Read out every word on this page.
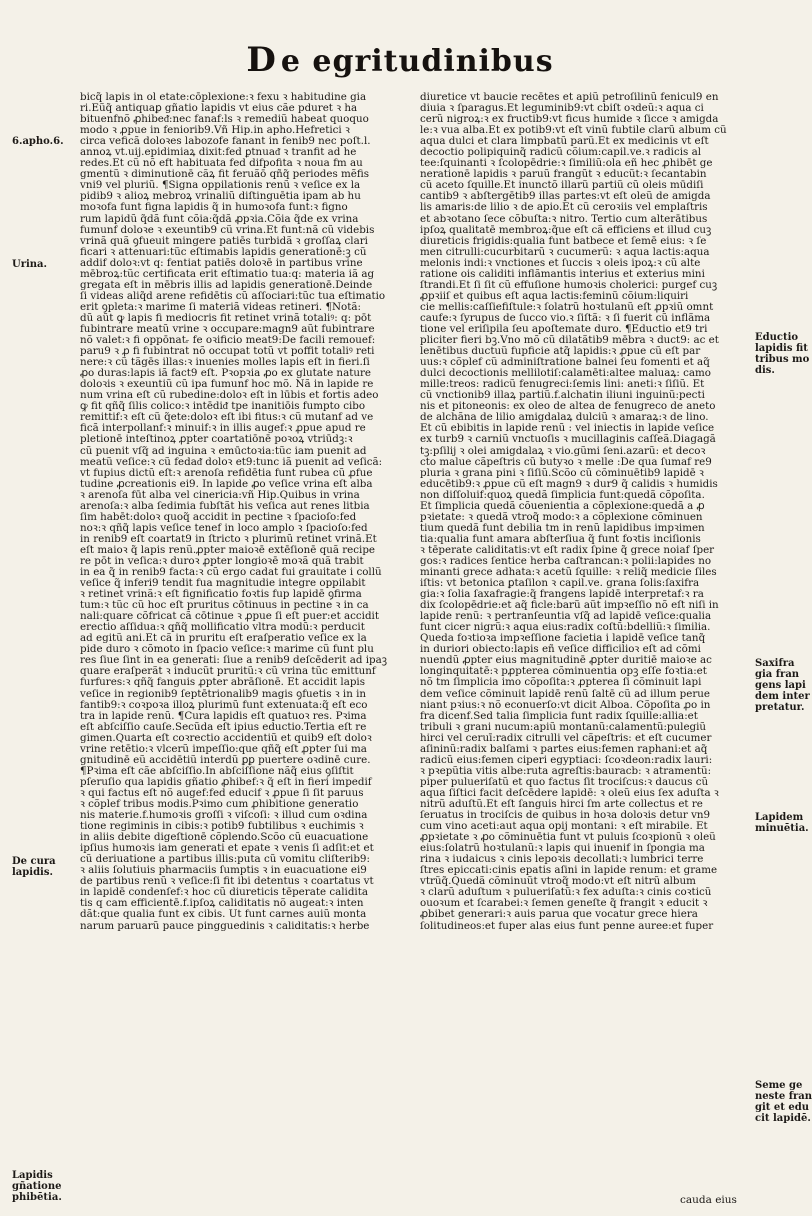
D e egritudinibus
bicq̃ lapis in ol etate:cōplexione:ꝛ fexu ꝛ habitudine gia
ri.Eũq̃ antiquaꝑ gñatio lapidis vt eius cãe pduret ꝛ ha
bituenfnõ ꝓhibeᵭ:nec fanaf:ls ꝛ remediũ habeat quoquo
modo ꝛ ꝓpue in feniorib9.Vñ Hip.in apho.Hefretici ꝛ
circa veficã doloꝛes labozofe fanant in fenib9 nec poſt.l.
annoꝝ vt.uij.epidimiaꝝ dixit:fed ꝑtnuaᵭ ꝛ tranfit ad he
redes.Et cũ nõ eft habituata fed difpofita ꝛ noua fm au
gmentũ ꝛ diminutionē cãꝝ fit feruãō qñq̃ periodes mẽfis
vni9 vel pluriũ. ¶Signa oppilationis renũ ꝛ veſice ex la
pidib9 ꝛ alioꝝ mebroꝝ vrinaliũ diſtinguētia ipam ab hu
moꝛofa funt figna lapidis q̃ in humoꝛofa funt:ꝛ figno
rum lapidũ q̃dã funt cõia:q̃dã ꝓpꝛia.Cõia q̃de ex vrina
fumunf doloꝛe ꝛ exeuntib9 cũ vrina.Et funt:nã cũ videbis
vrinã quã ꝯfueuit mingere patiēs turbidã ꝛ groſſaꝝ clari
ficari ꝛ attenuari:tũc eſtimabis lapidis generationē:ꝫ cũ
addif doloꝛ:vt q: fentiat patiēs doloꝛē in partibus vrine
mēbroꝝ:tũc certificata erit eſtimatio tua:q: materia iã ag
gregata eſt in mēbris illis ad lapidis generationē.Deinde
ſi videas aliq̃d arene refidētis cũ aſſociari:tũc tua eſtimatio
erit ꝯpleta:ꝛ marime ſi materiã videas retineri. ¶Notã:
dũ aũt ꝙ lapis fi mediocris fit retinet vrinã totaliꝰ: q: pōt
fubintrare meatũ vrine ꝛ occupare:magn9 aũt fubintrare
nõ valet:ꝛ fi oppōnatᵣ fe oꝛificio meat9:De facili remouef:
paru9 ꝛ ꝓ fi fubintrat nõ occupat totũ vt poffit totaliꝰ reti
nere:ꝛ cũ tãgēs illas:ꝛ inuenies molles lapis eſt in fieri.ſi
ꝓo duras:lapis iã fact9 eſt. Pꝛopꝛia ꝓo ex glutate nature
doloꝛis ꝛ exeuntiũ cũ ipa fumunf hoc mõ. Nã in lapide re
num vrina eſt cũ rubedine:doloꝛ eſt in lūbis et fortis adeo
ꝙ fit qñq̃ ſilis colico:ꝛ intēdiᵭ tpe inanitiōis fumpto cibo
remittif:ꝛ eſt cũ q̃ete:doloꝛ eſt ibi fitus:ꝛ cũ mutanf ad ve
ficã interpollanf:ꝛ minuif:ꝛ in illis augef:ꝛ ꝓpue apud re
pletionē inteſtinoꝝ ꝓpter coartatiōnē poꝛoꝝ vtriūdꝫ:ꝛ
cũ puenit vſq̃ ad inguina ꝛ emūctoꝛia:tũc iam puenit ad
meatũ veſice:ꝛ cũ fedaᵭ doloꝛ et9:tunc iã puenit ad veſicã:
vt fupius dictũ eſt:ꝛ arenoſa refidētia funt rubea cũ ꝓfue
tudine ꝓcreationis ei9. In lapide ꝓo veſice vrina eſt alba
ꝛ arenoſa fūt alba vel cinericia:vñ Hip.Quibus in vrina
arenoſa:ꝛ alba ſedimia fubſtãt his veſica aut renes litbia
ſim habēt:doloꝛ quoq̃ accidit in pectine ꝛ ſpacioſo:fed
noꝛ:ꝛ qñq̃ lapis veſice tenef in loco amplo ꝛ ſpacioſo:fed
in renib9 eſt coartat9 in ſtricto ꝛ plurimũ retinet vrinã.Et
eſt maioꝛ q̃ lapis renũ.ꝓpter maioꝛē extēſionē quã recipe
re pōt in veſica:ꝛ duroꝛ ꝓpter longioꝛē moꝛã quã trabit
in ea q̃ in renib9 facta:ꝛ cũ ergo cadat fui grauitate i collũ
veſice q̃ inferi9 tendit fua magnitudie integre oppilabit
ꝛ retinet vrinã:ꝛ eſt fignificatio foꝛtis fup lapidē ꝯfirma
tum:ꝛ tũc cũ hoc eſt pruritus cōtinuus in pectine ꝛ in ca
nali:quare cõfricat cã cōtinue ꝛ ꝓpue ſi eſt puer:et accidit
erectio aſſidua:ꝛ qñq̃ mollificatio vltra modũ:ꝛ perducit
ad egitũ ani.Et cã in pruritu eſt eraſperatio veſice ex la
pide duro ꝛ cõmoto in ſpacio veſice:ꝛ marime cũ funt plu
res ſiue ſint in ea generati: ſiue a renib9 deſcēderit ad ipaꝫ
quare eraſperãt ꝛ inducũt pruritũ:ꝛ cũ vrina tũc emittunf
furfures:ꝛ qñq̃ fanguis ꝓpter abrāſionē. Et accidit lapis
veſice in regionib9 ſeptētrionalib9 magis ꝯfuetis ꝛ in in
fantib9:ꝛ coꝛpoꝛa illoꝝ plurimũ funt extenuata:q̃ eſt eco
tra in lapide renũ. ¶Cura lapidis eſt quatuoꝛ res. Pꝛima
eſt abſciſſio cauſe.Secũda eſt ipius eductio.Tertia eſt re
gimen.Quarta eſt coꝛrectio accidentiũ et quib9 eſt doloꝛ
vrine retētio:ꝛ vlcerũ impeſſio:que qñq̃ eſt ꝓpter ſui ma
gnitudinē eũ accidētiũ interdũ ꝑꝑ puertere oꝛdinē cure.
¶Pꝛima eſt cãe abſciſſio.In abſciſſione nãq̃ eius ꝯſiſtit
pſeruſio qua lapidis gñatio ꝓhibef:ꝛ q̃ eſt in fieri impedif
ꝛ qui factus eſt nõ augef:fed educif ꝛ ꝓpue ſi ſit paruus
ꝛ cõplef tribus modis.Pꝛimo cum ꝓhibitione generatio
nis materie.f.humoꝛis groſſi ꝛ viſcoſi: ꝛ illud cum oꝛdina
tione regiminis in cibis:ꝛ potib9 fubtilibus ꝛ euchimis ꝛ
in aliis debite digeſtionē cõplendo.Scõo cũ euacuatione
ipſius humoꝛis iam generati et epate ꝛ venis ſi adſit:et et
cũ deriuatione a partibus illis:puta cũ vomitu cliſterib9:
ꝛ aliis ſolutiuis pharmaciis ſumptis ꝛ in euacuatione ei9
de partibus renũ ꝛ veſice:ſi fit ibi detentus ꝛ coartatus vt
in lapidē condenſef:ꝛ hoc cũ diureticis tēperate calidita
tis q cam efficientē.f.ipſoꝝ caliditatis nõ augeat:ꝛ inten
dãt:que qualia funt ex cibis. Ut funt carnes auiũ monta
narum paruarũ pauce pingguedinis ꝛ caliditatis:ꝛ herbe
diuretice vt baucie recētes et apiũ petroſilinũ fenicul9 en
diuia ꝛ ſparagus.Et leguminib9:vt cbiſt oꝛdeũ:ꝛ aqua ci
cerũ nigroꝝ:ꝛ ex fructib9:vt ficus humide ꝛ ſicce ꝛ amigda
le:ꝛ vua alba.Et ex potib9:vt eſt vinũ fubtile clarũ album cũ
aqua dulci et clara limpbatũ parũ.Et ex medicinis vt eſt
decoctio polipiquinq̃ radicũ cõium:capil.ve.ꝛ radicis al
tee:ſquinanti ꝛ ſcolopēdrie:ꝛ ſimiliũ:ola eñ hec ꝓhibēt ge
nerationē lapidis ꝛ paruũ frangũt ꝛ educũt:ꝛ ſecantabin
cũ aceto ſquille.Et inunctõ illarũ partiũ cũ oleis mūdiſi
cantib9 ꝛ abſtergētib9 illas partes:vt eſt oleũ de amigda
lis amaris:de lilio ꝛ de apio.Et cũ ceroꝛiis vel emplaſtris
et abꝛotano ſece cõbuſta:ꝛ nitro. Tertio cum alterātibus
ipſoꝝ qualitatē membroꝝ:q̃ue eſt cã efficiens et illud cuꝫ
diureticis frigidis:qualia funt batbece et ſemē eius: ꝛ ſe
men citrulli:cucurbitarũ ꝛ cucumerũ: ꝛ aqua lactis:aqua
melonis indi:ꝛ vnctiones et ſuccis ꝛ oleis ipoꝝ:ꝛ cũ alte
ratione ois caliditi inflãmantis interius et exterius mini
ſtrandi.Et ſi ſit cũ effuſione humoꝛis cholerici: purgef cuꝫ
ꝓpꝛiiſ et quibus eſt aqua lactis:feminũ cõium:liquiri
cie mellis:caſſiefiſtule:ꝛ ſolatrũ hoꝛtulanũ eſt ꝓpꝛiũ omnt
caufe:ꝛ ſyrupus de ſucco vio.ꝛ ſiſtã: ꝛ ſi fuerit cũ inflãma
tione vel eriſipila ſeu apoſtemate duro. ¶Eductio et9 tri
pliciter fieri bꝫ.Vno mõ cũ dilatãtib9 mēbra ꝛ duct9: ac et
lenētibus ductuũ fupficie atq̃ lapidis:ꝛ ꝓpue cũ eſt par
uus:ꝛ cõplef cũ adminiſtratione balnei ſeu fomenti et aq̃
dulci decoctionis mellilotiſ:calamēti:altee maluaꝝ: camo
mille:treos: radicũ fenugreci:ſemis lini: aneti:ꝛ ſiſiũ. Et
cũ vnctionib9 illaꝝ partiũ.f.alchatin iliuni inguinũ:pecti
nis et pitoneonis: ex oleo de altea de fenugreco de aneto
de alchãna de lilio amigdalaꝝ dulciũ ꝛ amaraꝝ:ꝛ de lino.
Et cũ ebibitis in lapide renũ : vel iniectis in lapide veſice
ex turb9 ꝛ carniũ vnctuoſis ꝛ mucillaginis caſſeã.Diagagã
tꝫ:pſilij ꝛ olei amigdalaꝝ ꝛ vio.gũmi ſeni.azarũ: et decoꝛ
cto malue cãpeſtris cũ butyꝛo ꝛ melle :De qua ſumaf re9
pluria ꝛ grana pini ꝛ ſiſiũ.Scõo cũ cõminuētib9 lapidē ꝛ
educētib9:ꝛ ꝓpue cũ eſt magn9 ꝛ dur9 q̃ calidis ꝛ humidis
non diſſoluif:quoꝝ quedã ſimplicia funt:quedã cõpoſita.
Et ſimplicia quedã cõuenientia a cõplexione:quedã a ꝓ
pꝛietate: ꝛ quedã vtroq̃ modo:ꝛ a cõplexione cõminuen
tium quedã funt debilia tm in renũ lapidibus impꝛimen
tia:qualia funt amara abſterſiua q̃ funt foꝛtis inciſionis
ꝛ tēperate caliditatis:vt eſt radix ſpine q̃ grece noiaf ſper
gos:ꝛ radices ſentice herba caſtrancan:ꝛ polii:lapides no
minanti grece adhata:ꝛ acetũ ſquille: ꝛ reliq̃ medicie ſiles
iſtis: vt betonica ꝑtaſilon ꝛ capil.ve. grana ſolis:ſaxifra
gia:ꝛ ſolia ſaxafragie:q̃ frangens lapidē interpretaf:ꝛ ra
dix ſcolopēdrie:et aq̃ ficle:barũ aũt impꝛeſſio nõ eſt niſi in
lapide renũ: ꝛ pertranſeuntia vſq̃ ad lapidē veſice:qualia
funt cicer nigrũ:ꝛ aqua eius:radix coſtũ:bdelliũ:ꝛ ſimilia.
Queda foꝛtioꝛa impꝛeſſione facietia i lapidē veſice tanq̃
in duriori obiecto:lapis eñ veſice difficilioꝛ eſt ad cõmi
nuendũ ꝓpter eius magnitudinē ꝓpter duritiē maioꝛe ac
longinquitatē:ꝛ pꝓpterea cõminuentia opꝫ eſſe foꝛtia:et
nõ tm ſimplicia imo cõpoſita:ꝛ ꝓpterea ſi cõminuit lapi
dem veſice cõminuit lapidē renũ ſaltē cũ ad illum perue
niant pꝛius:ꝛ nõ econuerſo:vt dicit Alboa. Cõpoſita ꝓo in
fra dicenf.Sed talia ſimplicia funt radix ſquille:allia:et
tribuli ꝛ grani nucum:apiũ montanũ:calamentũ:pulegiũ
hirci vel ceruī:radix citrulli vel cãpeſtris: et eſt cucumer
aſininũ:radix balſami ꝛ partes eius:femen raphani:et aq̃
radicũ eius:femen ciperi egyptiaci: ſcoꝛdeon:radix lauri:
ꝛ pꝛepũtia vitis albe:ruta agreſtis:bauracb: ꝛ atramentũ:
piper pulueriſatũ et quo factus ſit trociſcus:ꝛ daucus cũ
aqua ſiſtici facit deſcēdere lapidē: ꝛ oleũ eius ſex aduſta ꝛ
nitrũ aduſtũ.Et eſt ſanguis hirci ſm arte collectus et re
ſeruatus in trociſcis de quibus in hoꝛa doloꝛis detur vn9
cum vino aceti:aut aqua opij montani: ꝛ eſt mirabile. Et
ꝓpꝛietate ꝛ ꝓo cõminuētia funt vt puluis ſcoꝛpionũ ꝛ oleũ
eius:ſolatrũ hoꝛtulanũ:ꝛ lapis qui inuenif in ſpongia ma
rina ꝛ iudaicus ꝛ cinis lepoꝛis decollati:ꝛ lumbrici terre
ſtres epiccati:cinis epatis aſini in lapide renum: et grame
vtrũq̃.Quedã cõminuũt vtroq̃ modo:vt eſt nitrũ album
ꝛ clarũ aduſtum ꝛ pulueriſatũ:ꝛ fex aduſta:ꝛ cinis coꝛticũ
ouoꝛum et ſcarabei:ꝛ ſemen geneſte q̃ frangit ꝛ educit ꝛ
ꝓbibet generari:ꝛ auis parua que vocatur grece hiera
ſolitudineos:et fuper alas eius funt penne auree:et fuper
6.apho.6.
Urina.
De cura lapidis.
Lapidis
gñatione
phibētia.
Eductio
lapidis fit
tribus mo
dis.
Saxifra
gia fran
gens lapi
dem inter
pretatur.
Lapidem
minuētia.
Seme ge
neste fran
git et edu
cit lapidē.
cauda eius
